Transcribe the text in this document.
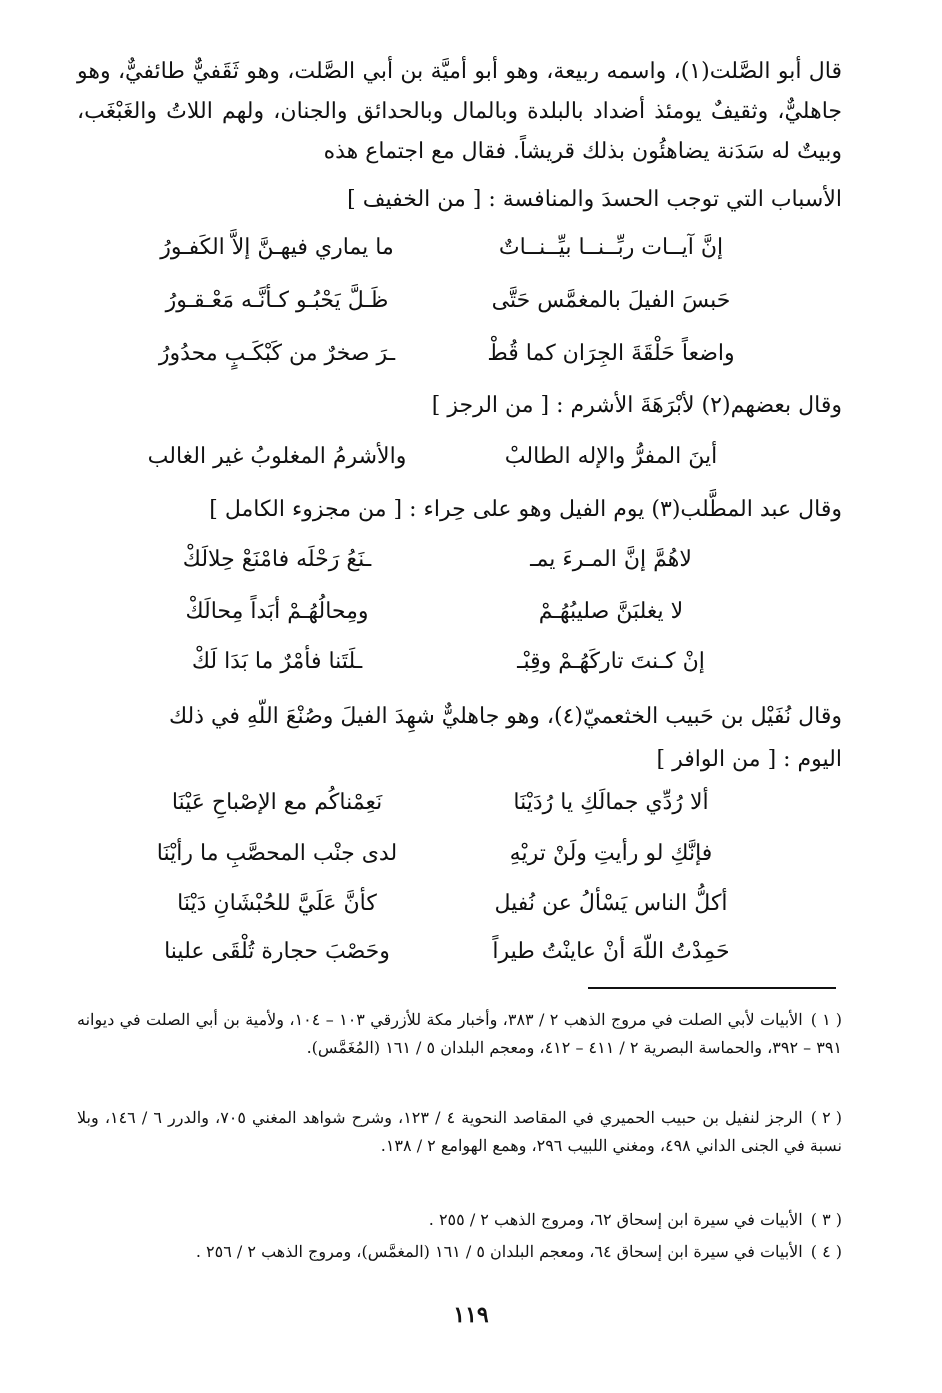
قال أبو الصَّلت(١)، واسمه ربيعة، وهو أبو أميَّة بن أبي الصَّلت، وهو ثَقَفيٌّ طائفيٌّ، وهو جاهليٌّ، وثقيفٌ يومئذ أضداد بالبلدة وبالمال وبالحدائق والجنان، ولهم اللاتُ والغَبْغَب، وبيتٌ له سَدَنة يضاهئُون بذلك قريشاً. فقال مع اجتماع هذه

الأسباب التي توجب الحسدَ والمنافسة : [ من الخفيف ]

إنَّ آيــات ربِّــنــا بيِّــنــاتٌ
ما يماري فيهـنَّ إلاَّ الكَفـورُ
حَبسَ الفيلَ بالمغمَّس حَتَّى
ظَـلَّ يَحْبُـو كـأنَّـه مَعْـقـورُ
واضعاً حَلْقَةَ الجِرَان كما قُطْ
ـرَ صخرٌ من كَبْكَـبٍ محدُورُ

وقال بعضهم(٢) لأبْرَهَةَ الأشرم : [ من الرجز ]

أينَ المفرُّ والإله الطالبْ
والأشرمُ المغلوبُ غير الغالب

وقال عبد المطَّلب(٣) يوم الفيل وهو على حِراء : [ من مجزوء الكامل ]

لاهُمَّ إنَّ المـرءَ يمـ
ـنَعُ رَحْلَه فامْنَعْ حِلالَكْ
لا يغلبَنَّ صليبُهُـمْ
ومِحالُهُـمْ أبَداً مِحالَكْ
إنْ كـنتَ تاركَهُـمْ وقِبْـ
ـلَتَنا فأمْرٌ ما بَدَا لَكْ

وقال نُفَيْل بن حَبيب الخثعميّ(٤)، وهو جاهليٌّ شهِدَ الفيلَ وصُنْعَ اللّهِ في ذلك

اليوم : [ من الوافر ]

ألا رُدِّي جمالَكِ يا رُدَيْنَا
نَعِمْناكُم مع الإصْباحِ عَيْنَا
فإنَّكِ لو رأيتِ ولَنْ تريْهِ
لدى جنْب المحصَّبِ ما رأيْنَا
أكلُّ الناس يَسْألُ عن نُفيل
كأنَّ عَلَيَّ للحُبْشَانِ دَيْنَا
حَمِدْتُ اللّهَ أنْ عاينْتُ طيراً
وحَصْبَ حجارة تُلْقَى علينا

( ١ )الأبيات لأبي الصلت في مروج الذهب ٢ / ٣٨٣، وأخبار مكة للأزرقي ١٠٣ – ١٠٤، ولأمية بن أبي الصلت في ديوانه ٣٩١ – ٣٩٢، والحماسة البصرية ٢ / ٤١١ – ٤١٢، ومعجم البلدان ٥ / ١٦١ (المُغَمَّس).

( ٢ )الرجز لنفيل بن حبيب الحميري في المقاصد النحوية ٤ / ١٢٣، وشرح شواهد المغني ٧٠٥، والدرر ٦ / ١٤٦، وبلا نسبة في الجنى الداني ٤٩٨، ومغني اللبيب ٢٩٦، وهمع الهوامع ٢ / ١٣٨.

( ٣ )الأبيات في سيرة ابن إسحاق ٦٢، ومروج الذهب ٢ / ٢٥٥ .

( ٤ )الأبيات في سيرة ابن إسحاق ٦٤، ومعجم البلدان ٥ / ١٦١ (المغمَّس)، ومروج الذهب ٢ / ٢٥٦ .

١١٩
